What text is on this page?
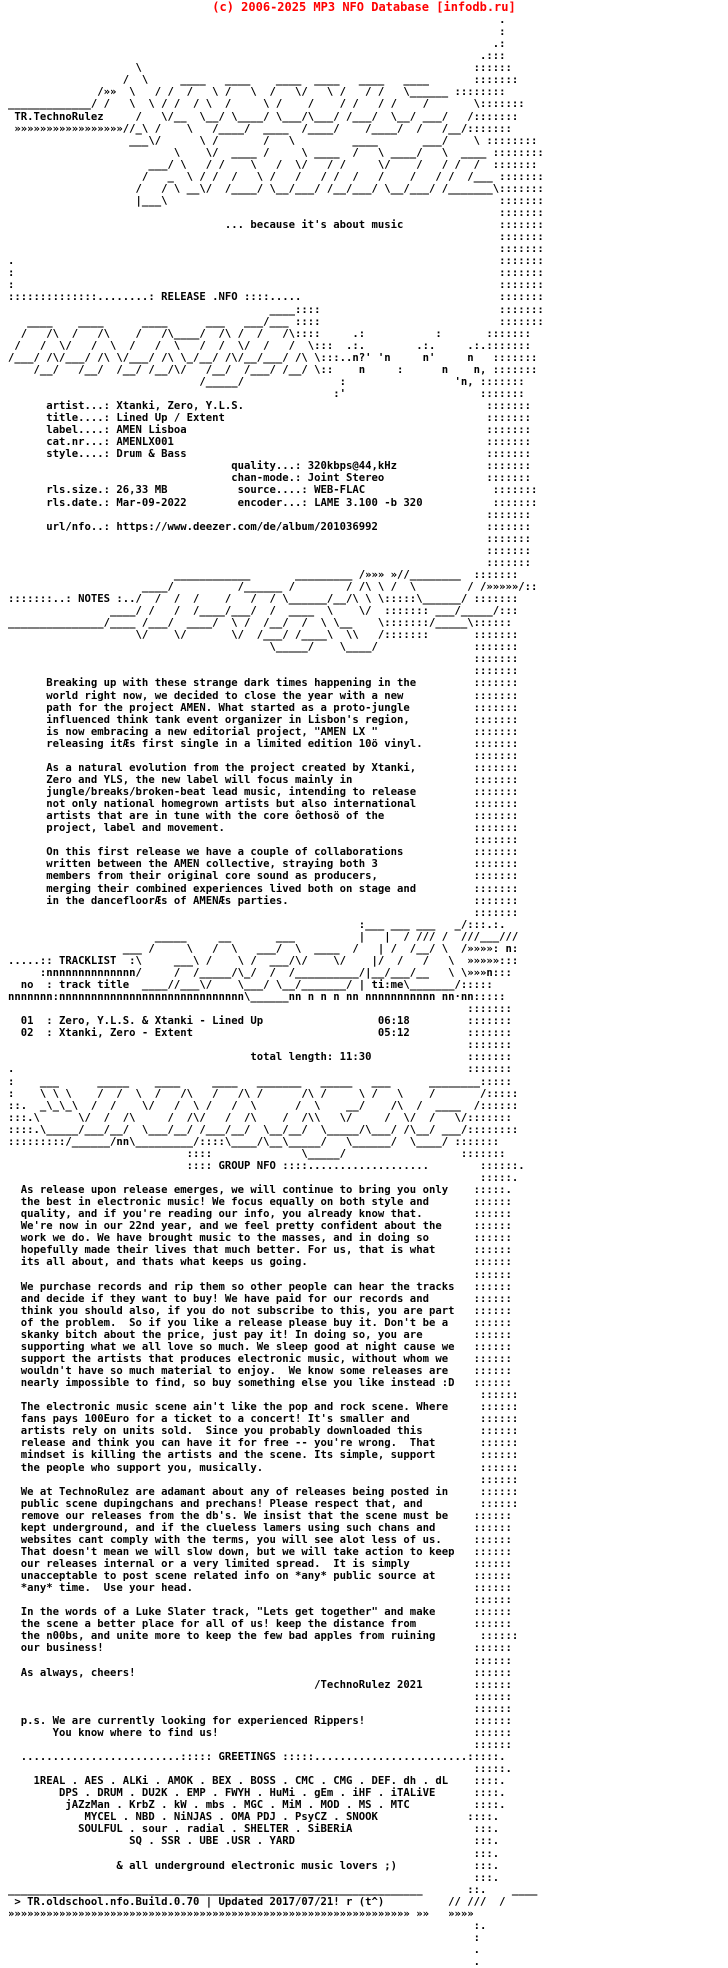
(c) 2006-2025 MP3 NFO Database [infodb.ru]
.
:
.:
.:::
\                                                    ::::::
/  \     ____   ____    ____  ____   ____   ____       :::::::
/»»  \   / /  /   \ /   \  /   \/   \ /   / /   \______ ::::::::
_____________/ /   \  \ / /  / \  /     \ /    /    / /   / /    /       \:::::::
TR.TechnoRulez     /   \/__  \__/ \____/ \___/\___/ /___/  \__/ ___/   /:::::::
»»»»»»»»»»»»»»»»»//_\ /    \   /____/  ____  /____/    /____/  /   /__/:::::::
___\/      \ /       /   \         ____       ___/    \ ::::::::
\    \/  ____ /     \ ____  /   \ ____/   \  ____ ::::::::
___/ \   / /    \   /  \/   / /     \/    /   / /  /  :::::::
/   _  \ / /  /   \ /   /   / /  /   /    /   / /  /___ :::::::
/   / \ __\/  /____/ \__/___/ /__/___/ \__/___/ /_______\:::::::
|___\                                                    :::::::
:::::::
... because it's about music               :::::::
:::::::
:::::::
.                                                                            :::::::
:                                                                            :::::::
:                                                                            :::::::
::::::::::::::........: RELEASE .NFO ::::.....                               :::::::
____::::                            :::::::
____    ____      ____      ___   ___/___ ::::                            :::::::
/   /\  /   /\    /   /\____/  /\ /  /   /\::::     .:           :       :::::::
/   /  \/   /  \  /   /  \   /  /  \/  /   /  \:::  .:.        .:.     .:.:::::::
/___/ /\/___/ /\ \/___/ /\ \_/__/ /\/__/___/ /\ \:::..n?' 'n     n'     n   :::::::
/__/   /__/  /__/ /__/\/   /__/  /___/ /__/ \::    n     :      n    n, :::::::
/_____/               :                 'n, :::::::
:'                     :::::::
artist...: Xtanki, Zero, Y.L.S.                                      :::::::
title....: Lined Up / Extent                                         :::::::
label....: AMEN Lisboa                                               :::::::
cat.nr...: AMENLX001                                                 :::::::
style....: Drum & Bass                                               :::::::
quality...: 320kbps@44,kHz              :::::::
chan-mode.: Joint Stereo                :::::::
rls.size.: 26,33 MB           source....: WEB-FLAC                    :::::::
rls.date.: Mar-09-2022        encoder...: LAME 3.100 -b 320           :::::::
:::::::
url/nfo..: https://www.deezer.com/de/album/201036992                 :::::::
:::::::
:::::::
:::::::
____________       _________ /»»» »//________  :::::::
____/          /______ /        / /\ \ /  \        / /»»»»»/::
:::::::..: NOTES :../  /  /  /    /   /  / \______/__/\ \ \:::::\______/ :::::::
____/ /   /  /____/___/  /  ____  \    \/  ::::::: ___/_____/:::
_______________/____ /___/  ____/  \ /  /__/  /  \ \__    \:::::::/_____\::::::
\/    \/       \/  /___/ /____\  \\   /:::::::       :::::::
\_____/    \____/               :::::::
:::::::
:::::::
Breaking up with these strange dark times happening in the         :::::::
world right now, we decided to close the year with a new           :::::::
path for the project AMEN. What started as a proto-jungle          :::::::
influenced think tank event organizer in Lisbon's region,          :::::::
is now embracing a new editorial project, "AMEN LX "               :::::::
releasing itÆs first single in a limited edition 10ö vinyl.        :::::::
:::::::
As a natural evolution from the project created by Xtanki,         :::::::
Zero and YLS, the new label will focus mainly in                   :::::::
jungle/breaks/broken-beat lead music, intending to release         :::::::
not only national homegrown artists but also international         :::::::
artists that are in tune with the core ôethosö of the              :::::::
project, label and movement.                                       :::::::
:::::::
On this first release we have a couple of collaborations           :::::::
written between the AMEN collective, straying both 3               :::::::
members from their original core sound as producers,               :::::::
merging their combined experiences lived both on stage and         :::::::
in the dancefloorÆs of AMENÆs parties.                             :::::::
:::::::
:___ ___ ___   _/:::.:.
_____     __       ___          |   |  / /// /  ///___///
___ /     \   /  \   ___/  \  ____  /   | /  /__/ \  /»»»»: n:
.....:: TRACKLIST  :\     ___\ /    \ /  ___/\/    \/    |/  /   /   \  »»»»»:::
:nnnnnnnnnnnnnn/     /  /_____/\_/  /  /__________/|__/___/__   \ \»»»n:::
no  : track title  ____//___\/    \___/ \__/_______/ | ti:me\_______/:::::
nnnnnnn:nnnnnnnnnnnnnnnnnnnnnnnnnnnnn\______nn n n n nn nnnnnnnnnnn nn·nn:::::
:::::::
01  : Zero, Y.L.S. & Xtanki - Lined Up                  06:18         :::::::
02  : Xtanki, Zero - Extent                             05:12         :::::::
:::::::
total length: 11:30               :::::::
.                                                                       :::::::
:    ___      _____    ____     ____   _______   _____   ___      ________:::::
:    \ \ \    /  /  \  /   /\   /   /\ /      /\ /     \ /   \    /       /:::::
::.  _\_\_\  /  /    \/   /  \ /   /  \      /  \    __/    /\  /  ____  /::::::
:::.\      \/  /  /\     /  /\/   /  /\    /  /\\   \/     /  \/  /   \/:::::::
::::.\_____/___/__/  \___/__/ /___/__/  \__/__/  \_____/\___/ /\__/ ___/::::::::
:::::::::/______/nn\_________/::::\____/\__\_____/   \______/  \____/ :::::::
::::              \_____/                  :::::::
:::: GROUP NFO ::::...................        ::::::.
:::::.
As release upon release emerges, we will continue to bring you only    :::::.
the best in electronic music! We focus equally on both style and       ::::::
quality, and if you're reading our info, you already know that.        ::::::
We're now in our 22nd year, and we feel pretty confident about the     ::::::
work we do. We have brought music to the masses, and in doing so       ::::::
hopefully made their lives that much better. For us, that is what      ::::::
its all about, and thats what keeps us going.                          ::::::
::::::
We purchase records and rip them so other people can hear the tracks   ::::::
and decide if they want to buy! We have paid for our records and       ::::::
think you should also, if you do not subscribe to this, you are part   ::::::
of the problem.  So if you like a release please buy it. Don't be a    ::::::
skanky bitch about the price, just pay it! In doing so, you are        ::::::
supporting what we all love so much. We sleep good at night cause we   ::::::
support the artists that produces electronic music, without whom we    ::::::
wouldn't have so much material to enjoy.  We know some releases are    ::::::
nearly impossible to find, so buy something else you like instead :D   ::::::
::::::
The electronic music scene ain't like the pop and rock scene. Where     ::::::
fans pays 100Euro for a ticket to a concert! It's smaller and           ::::::
artists rely on units sold.  Since you probably downloaded this         ::::::
release and think you can have it for free -- you're wrong.  That       ::::::
mindset is killing the artists and the scene. Its simple, support       ::::::
the people who support you, musically.                                  ::::::
::::::
We at TechnoRulez are adamant about any of releases being posted in     ::::::
public scene dupingchans and prechans! Please respect that, and         ::::::
remove our releases from the db's. We insist that the scene must be    ::::::
kept underground, and if the clueless lamers using such chans and      ::::::
websites cant comply with the terms, you will see alot less of us.     ::::::
That doesn't mean we will slow down, but we will take action to keep   ::::::
our releases internal or a very limited spread.  It is simply          ::::::
unacceptable to post scene related info on *any* public source at      ::::::
*any* time.  Use your head.                                            ::::::
::::::
In the words of a Luke Slater track, "Lets get together" and make      ::::::
the scene a better place for all of us! keep the distance from         ::::::
the n00bs, and unite more to keep the few bad apples from ruining       ::::::
our business!                                                          ::::::
::::::
As always, cheers!                                                     ::::::
/TechnoRulez 2021        ::::::
::::::
::::::
p.s. We are currently looking for experienced Rippers!                 ::::::
You know where to find us!                                        ::::::
::::::
.........................::::: GREETINGS :::::........................:::::.
:::::.
1REAL . AES . ALKi . AMOK . BEX . BOSS . CMC . CMG . DEF. dh . dL    ::::.
DPS . DRUM . DU2K . EMP . FWYH . HuMi . gEm . iHF . iTALiVE      ::::.
jAZzMan . KrbZ . kW . mbs . MGC . MiM . MOD . MS . MTC          ::::.
MYCEL . NBD . NiNJAS . OMA PDJ . PsyCZ . SNOOK              ::::.
SOULFUL . sour . radial . SHELTER . SiBERiA                   :::.
SQ . SSR . UBE .USR . YARD                            :::.
:::.
& all underground electronic music lovers ;)            :::.
:::.
_________________________________________________________________       ::.    ____
> TR.oldschool.nfo.Build.0.70 | Updated 2017/07/21! r (t^)          // ///  /
»»»»»»»»»»»»»»»»»»»»»»»»»»»»»»»»»»»»»»»»»»»»»»»»»»»»»»»»»»»»»»» »»   »»»»
:.
:
.
.
